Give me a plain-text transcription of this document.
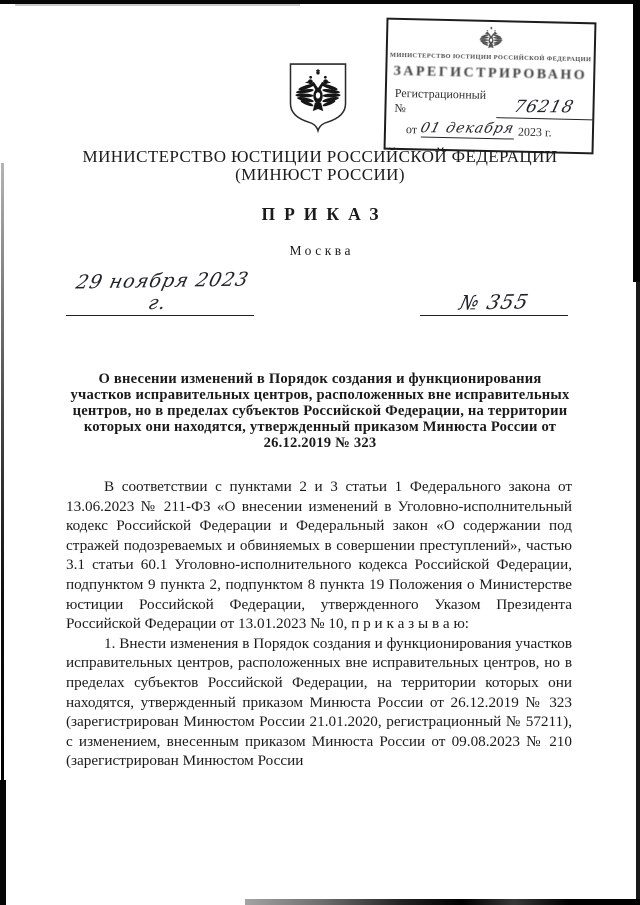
МИНИСТЕРСТВО ЮСТИЦИИ РОССИЙСКОЙ ФЕДЕРАЦИИ
ЗАРЕГИСТРИРОВАНО
Регистрационный №	76218
от 01 декабря 2023 г.
МИНИСТЕРСТВО ЮСТИЦИИ РОССИЙСКОЙ ФЕДЕРАЦИИ
(МИНЮСТ РОССИИ)
ПРИКАЗ
Москва
29 ноября 2023 г.	№ 355
О внесении изменений в Порядок создания и функционирования участков исправительных центров, расположенных вне исправительных центров, но в пределах субъектов Российской Федерации, на территории которых они находятся, утвержденный приказом Минюста России от 26.12.2019 № 323

В соответствии с пунктами 2 и 3 статьи 1 Федерального закона от 13.06.2023 № 211-ФЗ «О внесении изменений в Уголовно-исполнительный кодекс Российской Федерации и Федеральный закон «О содержании под стражей подозреваемых и обвиняемых в совершении преступлений», частью 3.1 статьи 60.1 Уголовно-исполнительного кодекса Российской Федерации, подпунктом 9 пункта 2, подпунктом 8 пункта 19 Положения о Министерстве юстиции Российской Федерации, утвержденного Указом Президента Российской Федерации от 13.01.2023 № 10, п р и к а з ы в а ю:

1. Внести изменения в Порядок создания и функционирования участков исправительных центров, расположенных вне исправительных центров, но в пределах субъектов Российской Федерации, на территории которых они находятся, утвержденный приказом Минюста России от 26.12.2019 № 323 (зарегистрирован Минюстом России 21.01.2020, регистрационный № 57211), с изменением, внесенным приказом Минюста России от 09.08.2023 № 210 (зарегистрирован Минюстом России
